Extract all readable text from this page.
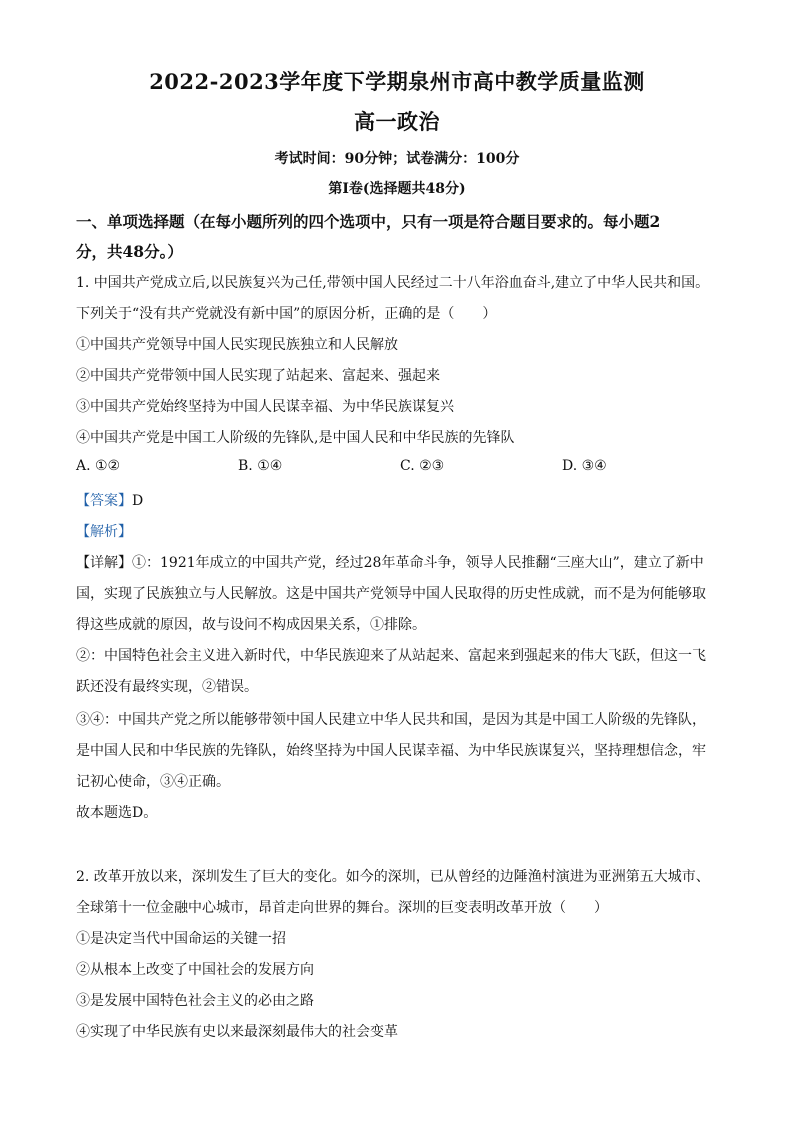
2022-2023学年度下学期泉州市高中教学质量监测
高一政治
考试时间：90分钟；试卷满分：100分
第Ⅰ卷(选择题共48分)
一、单项选择题（在每小题所列的四个选项中，只有一项是符合题目要求的。每小题2
分，共48分。）
1. 中国共产党成立后,以民族复兴为己任,带领中国人民经过二十八年浴血奋斗,建立了中华人民共和国。
下列关于“没有共产党就没有新中国”的原因分析，正确的是（　　）
①中国共产党领导中国人民实现民族独立和人民解放
②中国共产党带领中国人民实现了站起来、富起来、强起来
③中国共产党始终坚持为中国人民谋幸福、为中华民族谋复兴
④中国共产党是中国工人阶级的先锋队,是中国人民和中华民族的先锋队
A. ①②	B. ①④	C. ②③	D. ③④
【答案】D
【解析】
【详解】①：1921年成立的中国共产党，经过28年革命斗争，领导人民推翻“三座大山”，建立了新中
国，实现了民族独立与人民解放。这是中国共产党领导中国人民取得的历史性成就，而不是为何能够取
得这些成就的原因，故与设问不构成因果关系，①排除。
②：中国特色社会主义进入新时代，中华民族迎来了从站起来、富起来到强起来的伟大飞跃，但这一飞
跃还没有最终实现，②错误。
③④：中国共产党之所以能够带领中国人民建立中华人民共和国，是因为其是中国工人阶级的先锋队，
是中国人民和中华民族的先锋队，始终坚持为中国人民谋幸福、为中华民族谋复兴，坚持理想信念，牢
记初心使命，③④正确。
故本题选D。
2. 改革开放以来，深圳发生了巨大的变化。如今的深圳，已从曾经的边陲渔村演进为亚洲第五大城市、
全球第十一位金融中心城市，昂首走向世界的舞台。深圳的巨变表明改革开放（　　）
①是决定当代中国命运的关键一招
②从根本上改变了中国社会的发展方向
③是发展中国特色社会主义的必由之路
④实现了中华民族有史以来最深刻最伟大的社会变革
